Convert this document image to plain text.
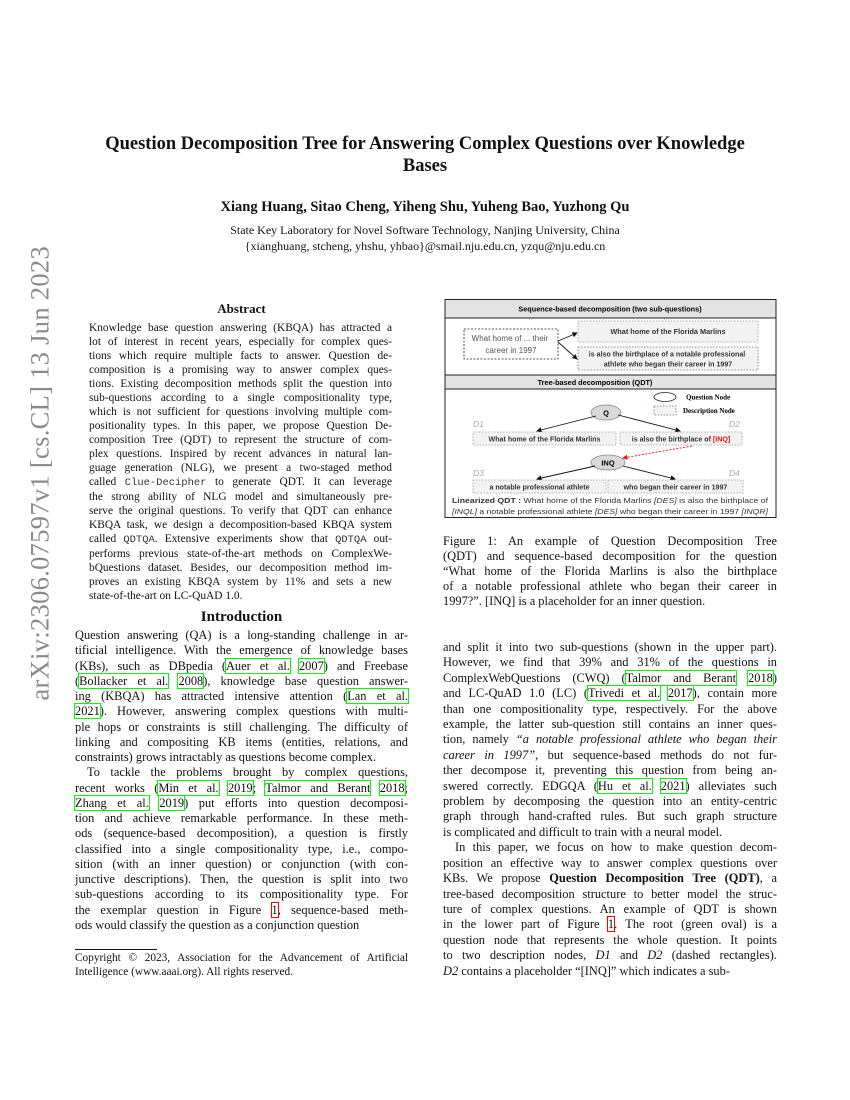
arXiv:2306.07597v1 [cs.CL] 13 Jun 2023
Question Decomposition Tree for Answering Complex Questions over Knowledge
Bases
Xiang Huang, Sitao Cheng, Yiheng Shu, Yuheng Bao, Yuzhong Qu
State Key Laboratory for Novel Software Technology, Nanjing University, China
{xianghuang, stcheng, yhshu, yhbao}@smail.nju.edu.cn, yzqu@nju.edu.cn
Abstract
Knowledge base question answering (KBQA) has attracted a
lot of interest in recent years, especially for complex ques-
tions which require multiple facts to answer. Question de-
composition is a promising way to answer complex ques-
tions. Existing decomposition methods split the question into
sub-questions according to a single compositionality type,
which is not sufficient for questions involving multiple com-
positionality types. In this paper, we propose Question De-
composition Tree (QDT) to represent the structure of com-
plex questions. Inspired by recent advances in natural lan-
guage generation (NLG), we present a two-staged method
called Clue-Decipher to generate QDT. It can leverage
the strong ability of NLG model and simultaneously pre-
serve the original questions. To verify that QDT can enhance
KBQA task, we design a decomposition-based KBQA system
called QDTQA. Extensive experiments show that QDTQA out-
performs previous state-of-the-art methods on ComplexWe-
bQuestions dataset. Besides, our decomposition method im-
proves an existing KBQA system by 11% and sets a new
state-of-the-art on LC-QuAD 1.0.
Introduction
Question answering (QA) is a long-standing challenge in ar-
tificial intelligence. With the emergence of knowledge bases
(KBs), such as DBpedia (Auer et al. 2007) and Freebase
(Bollacker et al. 2008), knowledge base question answer-
ing (KBQA) has attracted intensive attention (Lan et al.
2021). However, answering complex questions with multi-
ple hops or constraints is still challenging. The difficulty of
linking and compositing KB items (entities, relations, and
constraints) grows intractably as questions become complex.
To tackle the problems brought by complex questions,
recent works (Min et al. 2019; Talmor and Berant 2018;
Zhang et al. 2019) put efforts into question decomposi-
tion and achieve remarkable performance. In these meth-
ods (sequence-based decomposition), a question is firstly
classified into a single compositionality type, i.e., compo-
sition (with an inner question) or conjunction (with con-
junctive descriptions). Then, the question is split into two
sub-questions according to its compositionality type. For
the exemplar question in Figure 1, sequence-based meth-
ods would classify the question as a conjunction question
Copyright © 2023, Association for the Advancement of Artificial
Intelligence (www.aaai.org). All rights reserved.
Sequence-based decomposition (two sub-questions)
What home of ... their career in 1997
What home of the Florida Marlins
is also the birthplace of a notable professional athlete who began their career in 1997
Tree-based decomposition (QDT)
Question Node
Description Node
Q
D1	D2
What home of the Florida Marlins	is also the birthplace of [INQ]
INQ
D3	D4
a notable professional athlete	who began their career in 1997
Linearized QDT : What home of the Florida Marlins	[DES] is also the birthplace of
[INQL] a notable professional athlete	[DES] who began their career in 1997	[INQR]
Figure 1: An example of Question Decomposition Tree
(QDT) and sequence-based decomposition for the question
“What home of the Florida Marlins is also the birthplace
of a notable professional athlete who began their career in
1997?”. [INQ] is a placeholder for an inner question.
and split it into two sub-questions (shown in the upper part).
However, we find that 39% and 31% of the questions in
ComplexWebQuestions (CWQ) (Talmor and Berant 2018)
and LC-QuAD 1.0 (LC) (Trivedi et al. 2017), contain more
than one compositionality type, respectively. For the above
example, the latter sub-question still contains an inner ques-
tion, namely “a notable professional athlete who began their
career in 1997”, but sequence-based methods do not fur-
ther decompose it, preventing this question from being an-
swered correctly. EDGQA (Hu et al. 2021) alleviates such
problem by decomposing the question into an entity-centric
graph through hand-crafted rules. But such graph structure
is complicated and difficult to train with a neural model.
In this paper, we focus on how to make question decom-
position an effective way to answer complex questions over
KBs. We propose Question Decomposition Tree (QDT), a
tree-based decomposition structure to better model the struc-
ture of complex questions. An example of QDT is shown
in the lower part of Figure 1. The root (green oval) is a
question node that represents the whole question. It points
to two description nodes, D1 and D2 (dashed rectangles).
D2 contains a placeholder “[INQ]” which indicates a sub-
